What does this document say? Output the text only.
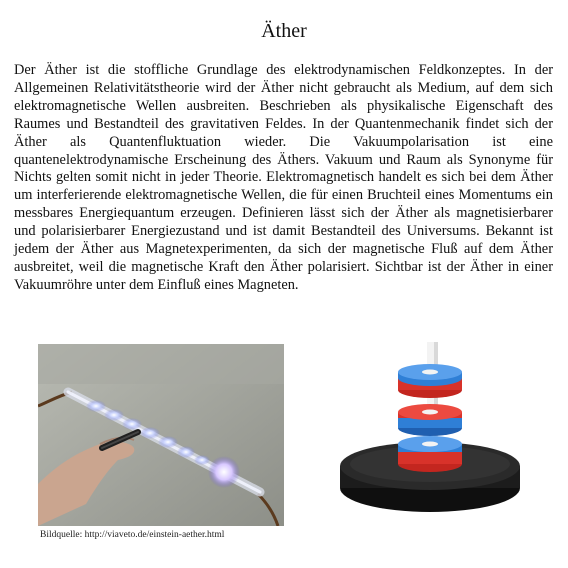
Äther

Der Äther ist die stoffliche Grundlage des elektrodynamischen Feldkonzeptes. In der Allgemeinen Relativitätstheorie wird der Äther nicht gebraucht als Medium, auf dem sich elektromagnetische Wellen ausbreiten. Beschrieben als physikalische Eigenschaft des Raumes und Bestandteil des gravitativen Feldes. In der Quantenmechanik findet sich der Äther als Quantenfluktuation wieder. Die Vakuumpolarisation ist eine quantenelektrodynamische Erscheinung des Äthers. Vakuum und Raum als Synonyme für Nichts gelten somit nicht in jeder Theorie. Elektromagnetisch handelt es sich bei dem Äther um interferierende elektromagnetische Wellen, die für einen Bruchteil eines Momentums ein messbares Energiequantum erzeugen. Definieren lässt sich der Äther als magnetisierbarer und polarisierbarer Energiezustand und ist damit Bestandteil des Universums. Bekannt ist jedem der Äther aus Magnetexperimenten, da sich der magnetische Fluß auf dem Äther ausbreitet, weil die magnetische Kraft den Äther polarisiert. Sichtbar ist der Äther in einer Vakuumröhre unter dem Einfluß eines Magneten.

Bildquelle: http://viaveto.de/einstein-aether.html
